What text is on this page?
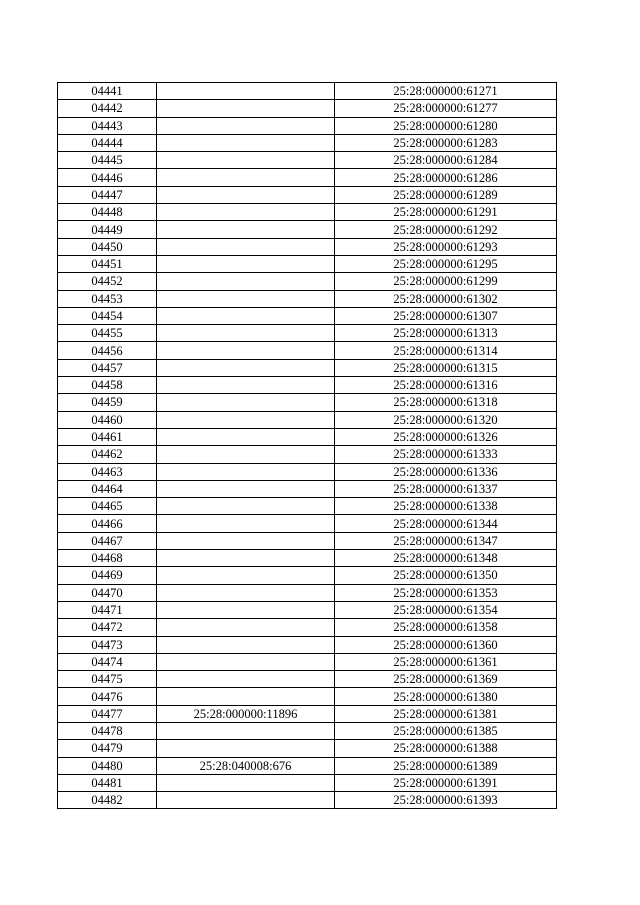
04441		25:28:000000:61271
04442		25:28:000000:61277
04443		25:28:000000:61280
04444		25:28:000000:61283
04445		25:28:000000:61284
04446		25:28:000000:61286
04447		25:28:000000:61289
04448		25:28:000000:61291
04449		25:28:000000:61292
04450		25:28:000000:61293
04451		25:28:000000:61295
04452		25:28:000000:61299
04453		25:28:000000:61302
04454		25:28:000000:61307
04455		25:28:000000:61313
04456		25:28:000000:61314
04457		25:28:000000:61315
04458		25:28:000000:61316
04459		25:28:000000:61318
04460		25:28:000000:61320
04461		25:28:000000:61326
04462		25:28:000000:61333
04463		25:28:000000:61336
04464		25:28:000000:61337
04465		25:28:000000:61338
04466		25:28:000000:61344
04467		25:28:000000:61347
04468		25:28:000000:61348
04469		25:28:000000:61350
04470		25:28:000000:61353
04471		25:28:000000:61354
04472		25:28:000000:61358
04473		25:28:000000:61360
04474		25:28:000000:61361
04475		25:28:000000:61369
04476		25:28:000000:61380
04477	25:28:000000:11896	25:28:000000:61381
04478		25:28:000000:61385
04479		25:28:000000:61388
04480	25:28:040008:676	25:28:000000:61389
04481		25:28:000000:61391
04482		25:28:000000:61393
